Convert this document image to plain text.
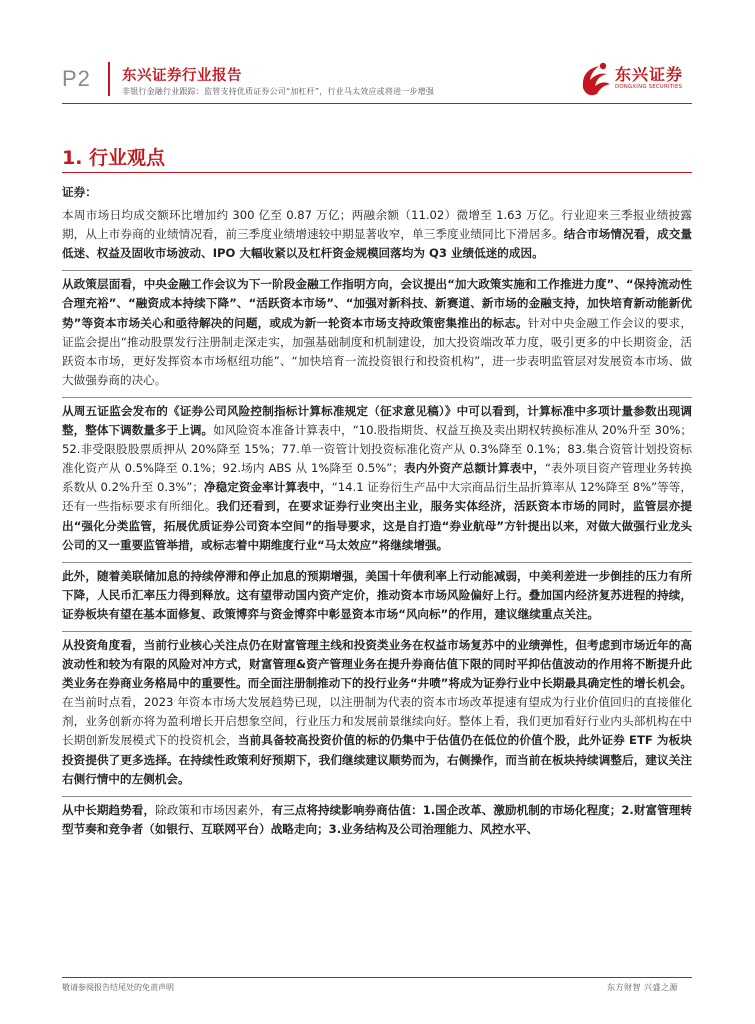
P2 东兴证券行业报告
非银行金融行业跟踪：监管支持优质证券公司“加杠杆”，行业马太效应或将进一步增强
东兴证券
DONGXING SECURITIES
1. 行业观点

证券：

本周市场日均成交额环比增加约 300 亿至 0.87 万亿；两融余额（11.02）微增至 1.63 万亿。行业迎来三季报业绩披露期，从上市券商的业绩情况看，前三季度业绩增速较中期显著收窄，单三季度业绩同比下滑居多。结合市场情况看，成交量低迷、权益及固收市场波动、IPO 大幅收紧以及杠杆资金规模回落均为 Q3 业绩低迷的成因。

从政策层面看，中央金融工作会议为下一阶段金融工作指明方向，会议提出“加大政策实施和工作推进力度”、“保持流动性合理充裕”、“融资成本持续下降”、“活跃资本市场”、“加强对新科技、新赛道、新市场的金融支持，加快培育新动能新优势”等资本市场关心和亟待解决的问题，或成为新一轮资本市场支持政策密集推出的标志。针对中央金融工作会议的要求，证监会提出“推动股票发行注册制走深走实，加强基础制度和机制建设，加大投资端改革力度，吸引更多的中长期资金，活跃资本市场，更好发挥资本市场枢纽功能”、“加快培育一流投资银行和投资机构”，进一步表明监管层对发展资本市场、做大做强券商的决心。

从周五证监会发布的《证券公司风险控制指标计算标准规定（征求意见稿）》中可以看到，计算标准中多项计量参数出现调整，整体下调数量多于上调。如风险资本准备计算表中，“10.股指期货、权益互换及卖出期权转换标准从 20%升至 30%；52.非受限股股票质押从 20%降至 15%；77.单一资管计划投资标准化资产从 0.3%降至 0.1%；83.集合资管计划投资标准化资产从 0.5%降至 0.1%；92.场内 ABS 从 1%降至 0.5%”；表内外资产总额计算表中，“表外项目资产管理业务转换系数从 0.2%升至 0.3%”；净稳定资金率计算表中，“14.1 证券衍生产品中大宗商品衍生品折算率从 12%降至 8%”等等，还有一些指标要求有所细化。我们还看到，在要求证券行业突出主业，服务实体经济，活跃资本市场的同时，监管层亦提出“强化分类监管，拓展优质证券公司资本空间”的指导要求，这是自打造“券业航母”方针提出以来，对做大做强行业龙头公司的又一重要监管举措，或标志着中期维度行业“马太效应”将继续增强。

此外，随着美联储加息的持续停滞和停止加息的预期增强，美国十年债利率上行动能减弱，中美利差进一步倒挂的压力有所下降，人民币汇率压力得到释放。这有望带动国内资产定价，推动资本市场风险偏好上行。叠加国内经济复苏进程的持续，证券板块有望在基本面修复、政策博弈与资金博弈中彰显资本市场“风向标”的作用，建议继续重点关注。

从投资角度看，当前行业核心关注点仍在财富管理主线和投资类业务在权益市场复苏中的业绩弹性，但考虑到市场近年的高波动性和较为有限的风险对冲方式，财富管理&资产管理业务在提升券商估值下限的同时平抑估值波动的作用将不断提升此类业务在券商业务格局中的重要性。而全面注册制推动下的投行业务“井喷”将成为证券行业中长期最具确定性的增长机会。在当前时点看，2023 年资本市场大发展趋势已现，以注册制为代表的资本市场改革提速有望成为行业价值回归的直接催化剂，业务创新亦将为盈利增长开启想象空间，行业压力和发展前景继续向好。整体上看，我们更加看好行业内头部机构在中长期创新发展模式下的投资机会，当前具备较高投资价值的标的仍集中于估值仍在低位的价值个股，此外证券 ETF 为板块投资提供了更多选择。在持续性政策利好预期下，我们继续建议顺势而为，右侧操作，而当前在板块持续调整后，建议关注右侧行情中的左侧机会。

从中长期趋势看，除政策和市场因素外，有三点将持续影响券商估值：1.国企改革、激励机制的市场化程度；2.财富管理转型节奏和竞争者（如银行、互联网平台）战略走向；3.业务结构及公司治理能力、风控水平、

敬请参阅报告结尾处的免责声明	东方财智 兴盛之源
